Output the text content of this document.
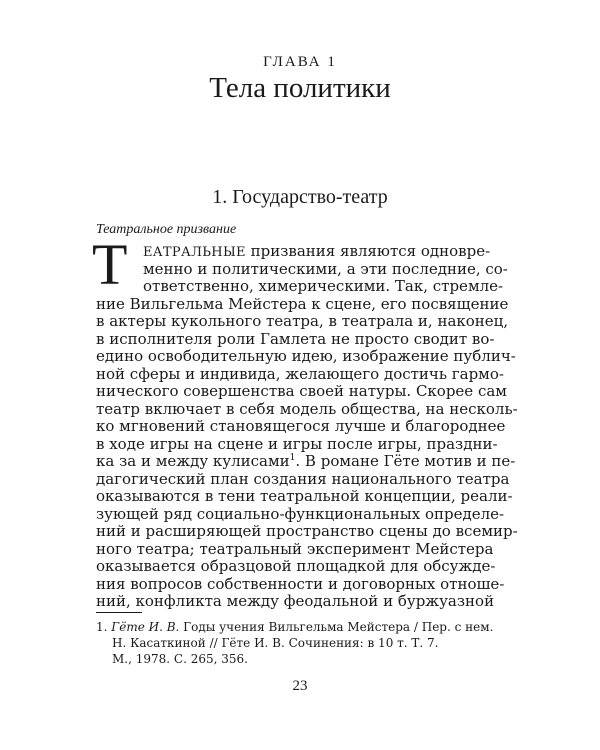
ГЛАВА 1
Тела политики
1. Государство-театр
Театральное призвание
Т ЕАТРАЛЬНЫЕ призвания являются одновре-
менно и политическими, а эти последние, со-
ответственно, химерическими. Так, стремле-
ние Вильгельма Мейстера к сцене, его посвящение
в актеры кукольного театра, в театрала и, наконец,
в исполнителя роли Гамлета не просто сводит во-
едино освободительную идею, изображение публич-
ной сферы и индивида, желающего достичь гармо-
нического совершенства своей натуры. Скорее сам
театр включает в себя модель общества, на несколь-
ко мгновений становящегося лучше и благороднее
в ходе игры на сцене и игры после игры, праздни-
ка за и между кулисами$^1$. В романе Гёте мотив и пе-
дагогический план создания национального театра
оказываются в тени театральной концепции, реали-
зующей ряд социально-функциональных определе-
ний и расширяющей пространство сцены до всемир-
ного театра; театральный эксперимент Мейстера
оказывается образцовой площадкой для обсужде-
ния вопросов собственности и договорных отноше-
ний, конфликта между феодальной и буржуазной
23
1. Гёте И. В. Годы учения Вильгельма Мейстера / Пер. с нем.
Н. Касаткиной // Гёте И. В. Сочинения: в 10 т. Т. 7.
М., 1978. С. 265, 356.
